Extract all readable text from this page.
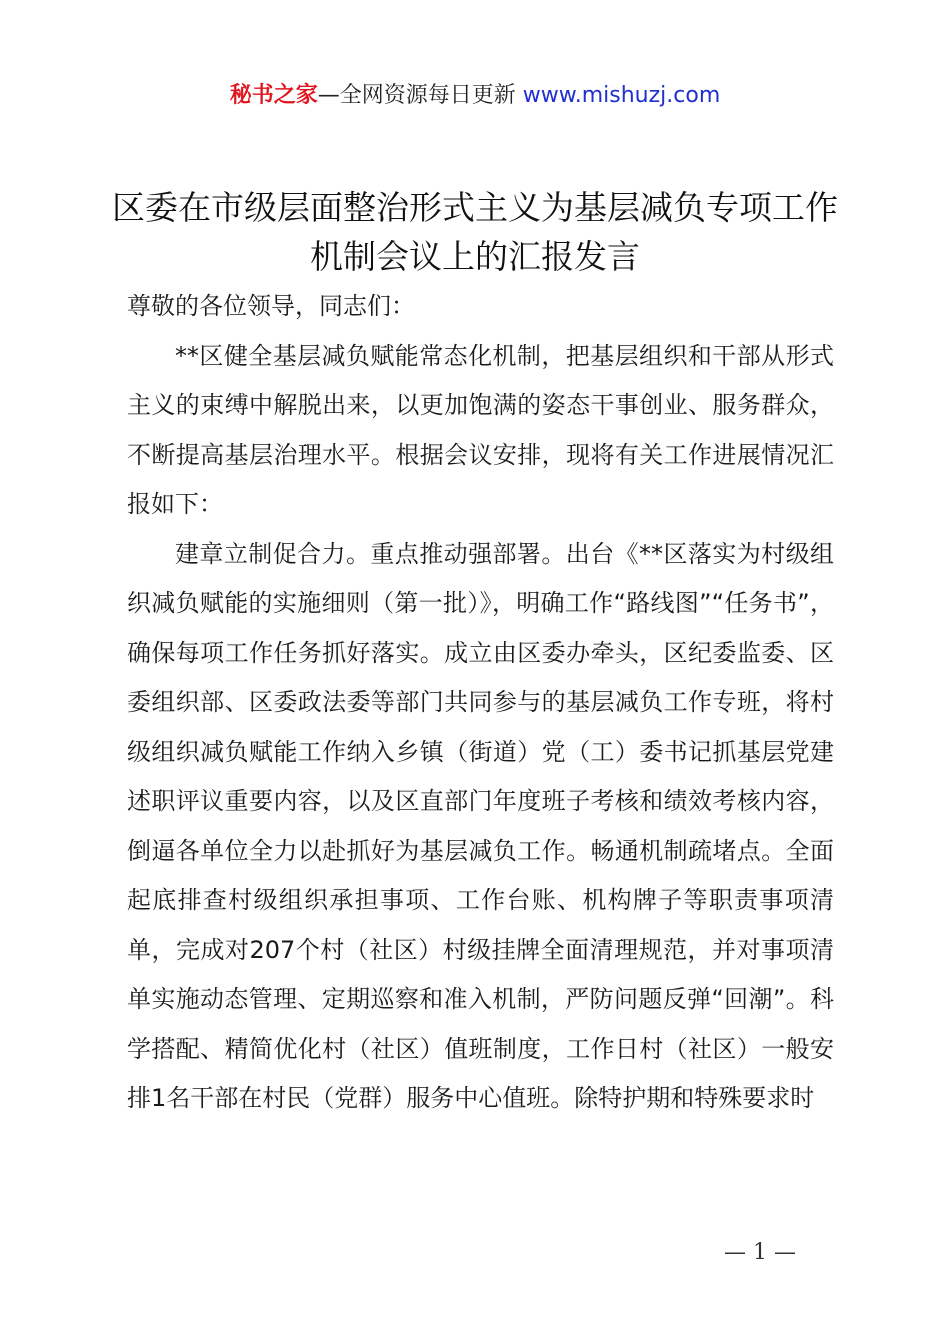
秘书之家—全网资源每日更新 www.mishuzj.com
区委在市级层面整治形式主义为基层减负专项工作机制会议上的汇报发言

尊敬的各位领导，同志们：

**区健全基层减负赋能常态化机制，把基层组织和干部从形式主义的束缚中解脱出来，以更加饱满的姿态干事创业、服务群众，不断提高基层治理水平。根据会议安排，现将有关工作进展情况汇报如下：

建章立制促合力。重点推动强部署。出台《**区落实为村级组织减负赋能的实施细则（第一批）》，明确工作“路线图”“任务书”，确保每项工作任务抓好落实。成立由区委办牵头，区纪委监委、区委组织部、区委政法委等部门共同参与的基层减负工作专班，将村级组织减负赋能工作纳入乡镇（街道）党（工）委书记抓基层党建述职评议重要内容，以及区直部门年度班子考核和绩效考核内容，倒逼各单位全力以赴抓好为基层减负工作。畅通机制疏堵点。全面起底排查村级组织承担事项、工作台账、机构牌子等职责事项清单，完成对207个村（社区）村级挂牌全面清理规范，并对事项清单实施动态管理、定期巡察和准入机制，严防问题反弹“回潮”。科学搭配、精简优化村（社区）值班制度，工作日村（社区）一般安排1名干部在村民（党群）服务中心值班。除特护期和特殊要求时

— 1 —
